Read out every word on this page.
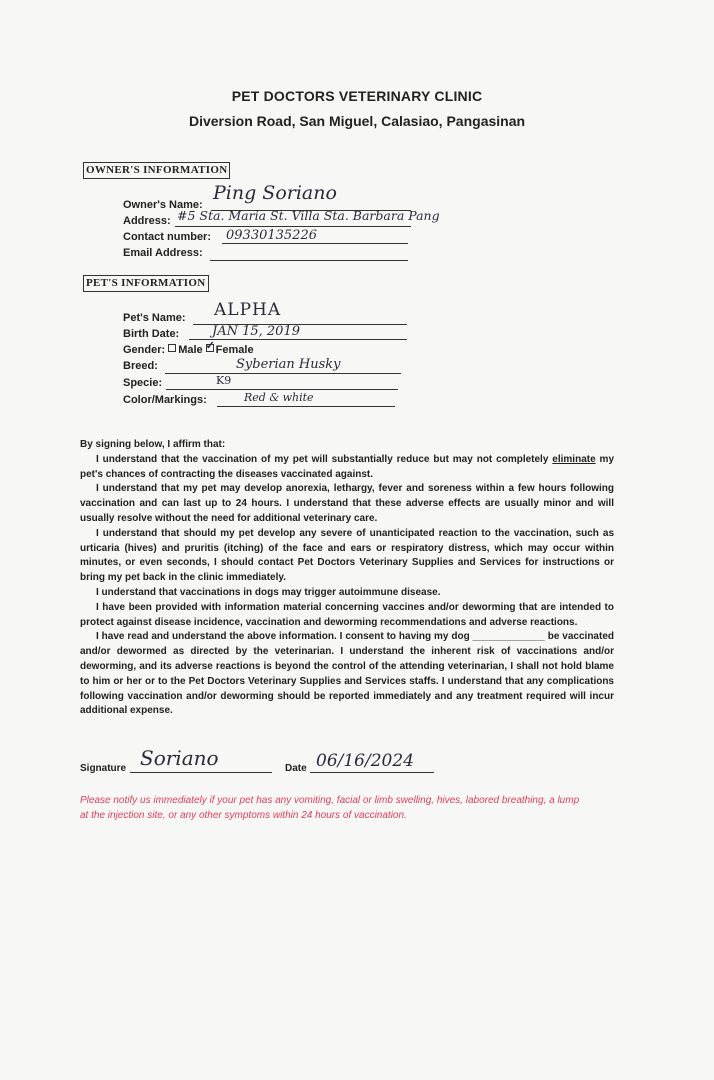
PET DOCTORS VETERINARY CLINIC
Diversion Road, San Miguel, Calasiao, Pangasinan
OWNER'S INFORMATION
Owner's Name:
Ping Soriano
Address: #5 Sta. Maria St. Villa Sta. Barbara Pang
Contact number: 09330135226
Email Address:
PET'S INFORMATION
Pet's Name: ALPHA
Birth Date:	JAN 15, 2019
Gender: Male ✓ Female
Breed:	Syberian Husky
Specie:	K9
Color/Markings:	Red & white

By signing below, I affirm that:

I understand that the vaccination of my pet will substantially reduce but may not completely eliminate my pet's chances of contracting the diseases vaccinated against.

I understand that my pet may develop anorexia, lethargy, fever and soreness within a few hours following vaccination and can last up to 24 hours. I understand that these adverse effects are usually minor and will usually resolve without the need for additional veterinary care.

I understand that should my pet develop any severe of unanticipated reaction to the vaccination, such as urticaria (hives) and pruritis (itching) of the face and ears or respiratory distress, which may occur within minutes, or even seconds, I should contact Pet Doctors Veterinary Supplies and Services for instructions or bring my pet back in the clinic immediately.

I understand that vaccinations in dogs may trigger autoimmune disease.

I have been provided with information material concerning vaccines and/or deworming that are intended to protect against disease incidence, vaccination and deworming recommendations and adverse reactions.

I have read and understand the above information. I consent to having my dog _____________ be vaccinated and/or dewormed as directed by the veterinarian. I understand the inherent risk of vaccinations and/or deworming, and its adverse reactions is beyond the control of the attending veterinarian, I shall not hold blame to him or her or to the Pet Doctors Veterinary Supplies and Services staffs. I understand that any complications following vaccination and/or deworming should be reported immediately and any treatment required will incur additional expense.

Signature Soriano	Date 06/16/2024
Please notify us immediately if your pet has any vomiting, facial or limb swelling, hives, labored breathing, a lump at the injection site, or any other symptoms within 24 hours of vaccination.
